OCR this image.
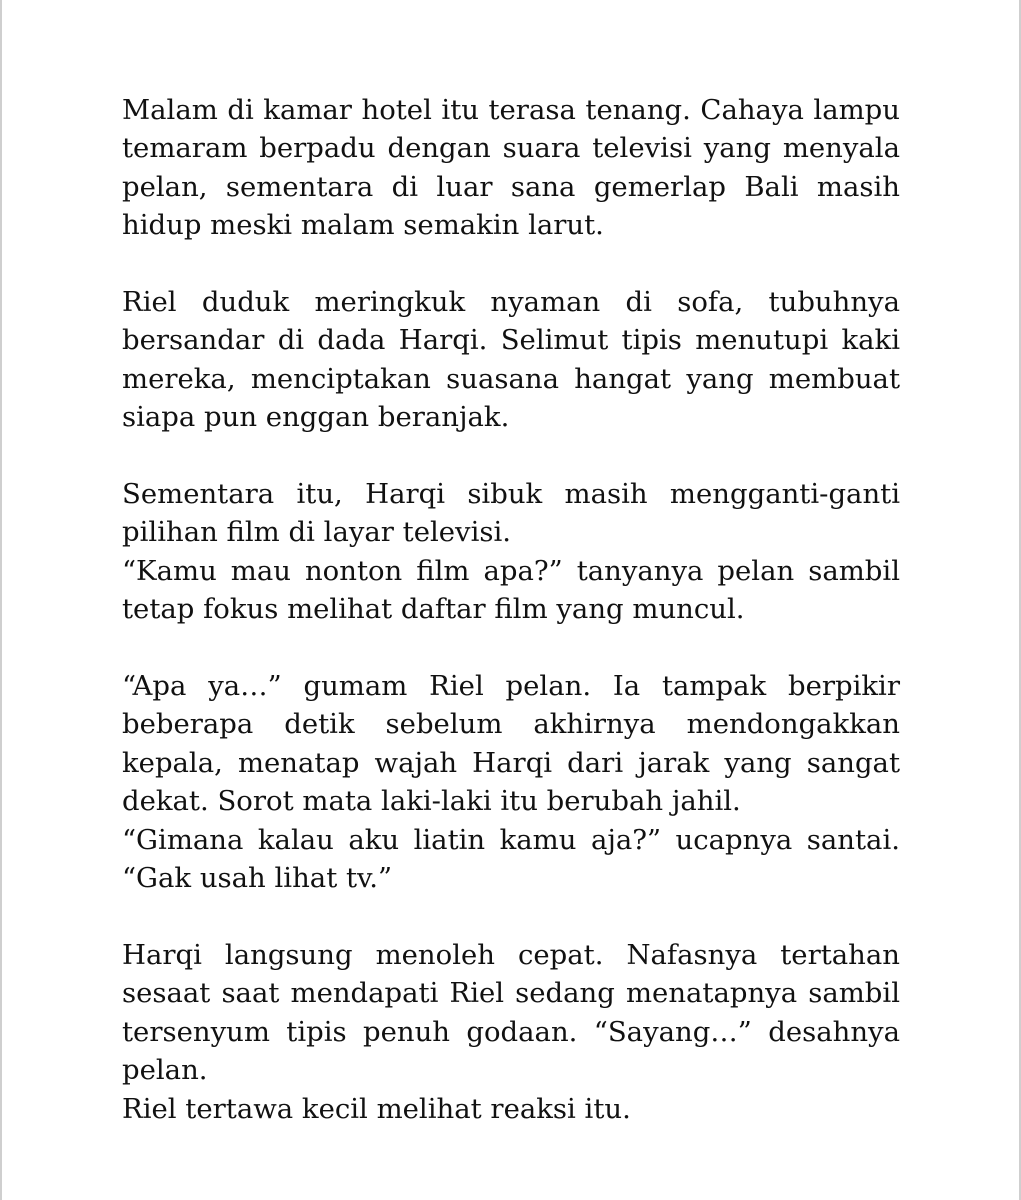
Malam di kamar hotel itu terasa tenang. Cahaya lampu temaram berpadu dengan suara televisi yang menyala pelan, sementara di luar sana gemerlap Bali masih hidup meski malam semakin larut.
Riel duduk meringkuk nyaman di sofa, tubuhnya bersandar di dada Harqi. Selimut tipis menutupi kaki mereka, menciptakan suasana hangat yang membuat siapa pun enggan beranjak.
Sementara itu, Harqi sibuk masih mengganti-ganti pilihan film di layar televisi.
“Kamu mau nonton film apa?” tanyanya pelan sambil tetap fokus melihat daftar film yang muncul.
“Apa ya…” gumam Riel pelan. Ia tampak berpikir beberapa detik sebelum akhirnya mendongakkan kepala, menatap wajah Harqi dari jarak yang sangat dekat. Sorot mata laki-laki itu berubah jahil.
“Gimana kalau aku liatin kamu aja?” ucapnya santai. “Gak usah lihat tv.”
Harqi langsung menoleh cepat. Nafasnya tertahan sesaat saat mendapati Riel sedang menatapnya sambil tersenyum tipis penuh godaan. “Sayang…” desahnya pelan.
Riel tertawa kecil melihat reaksi itu.
